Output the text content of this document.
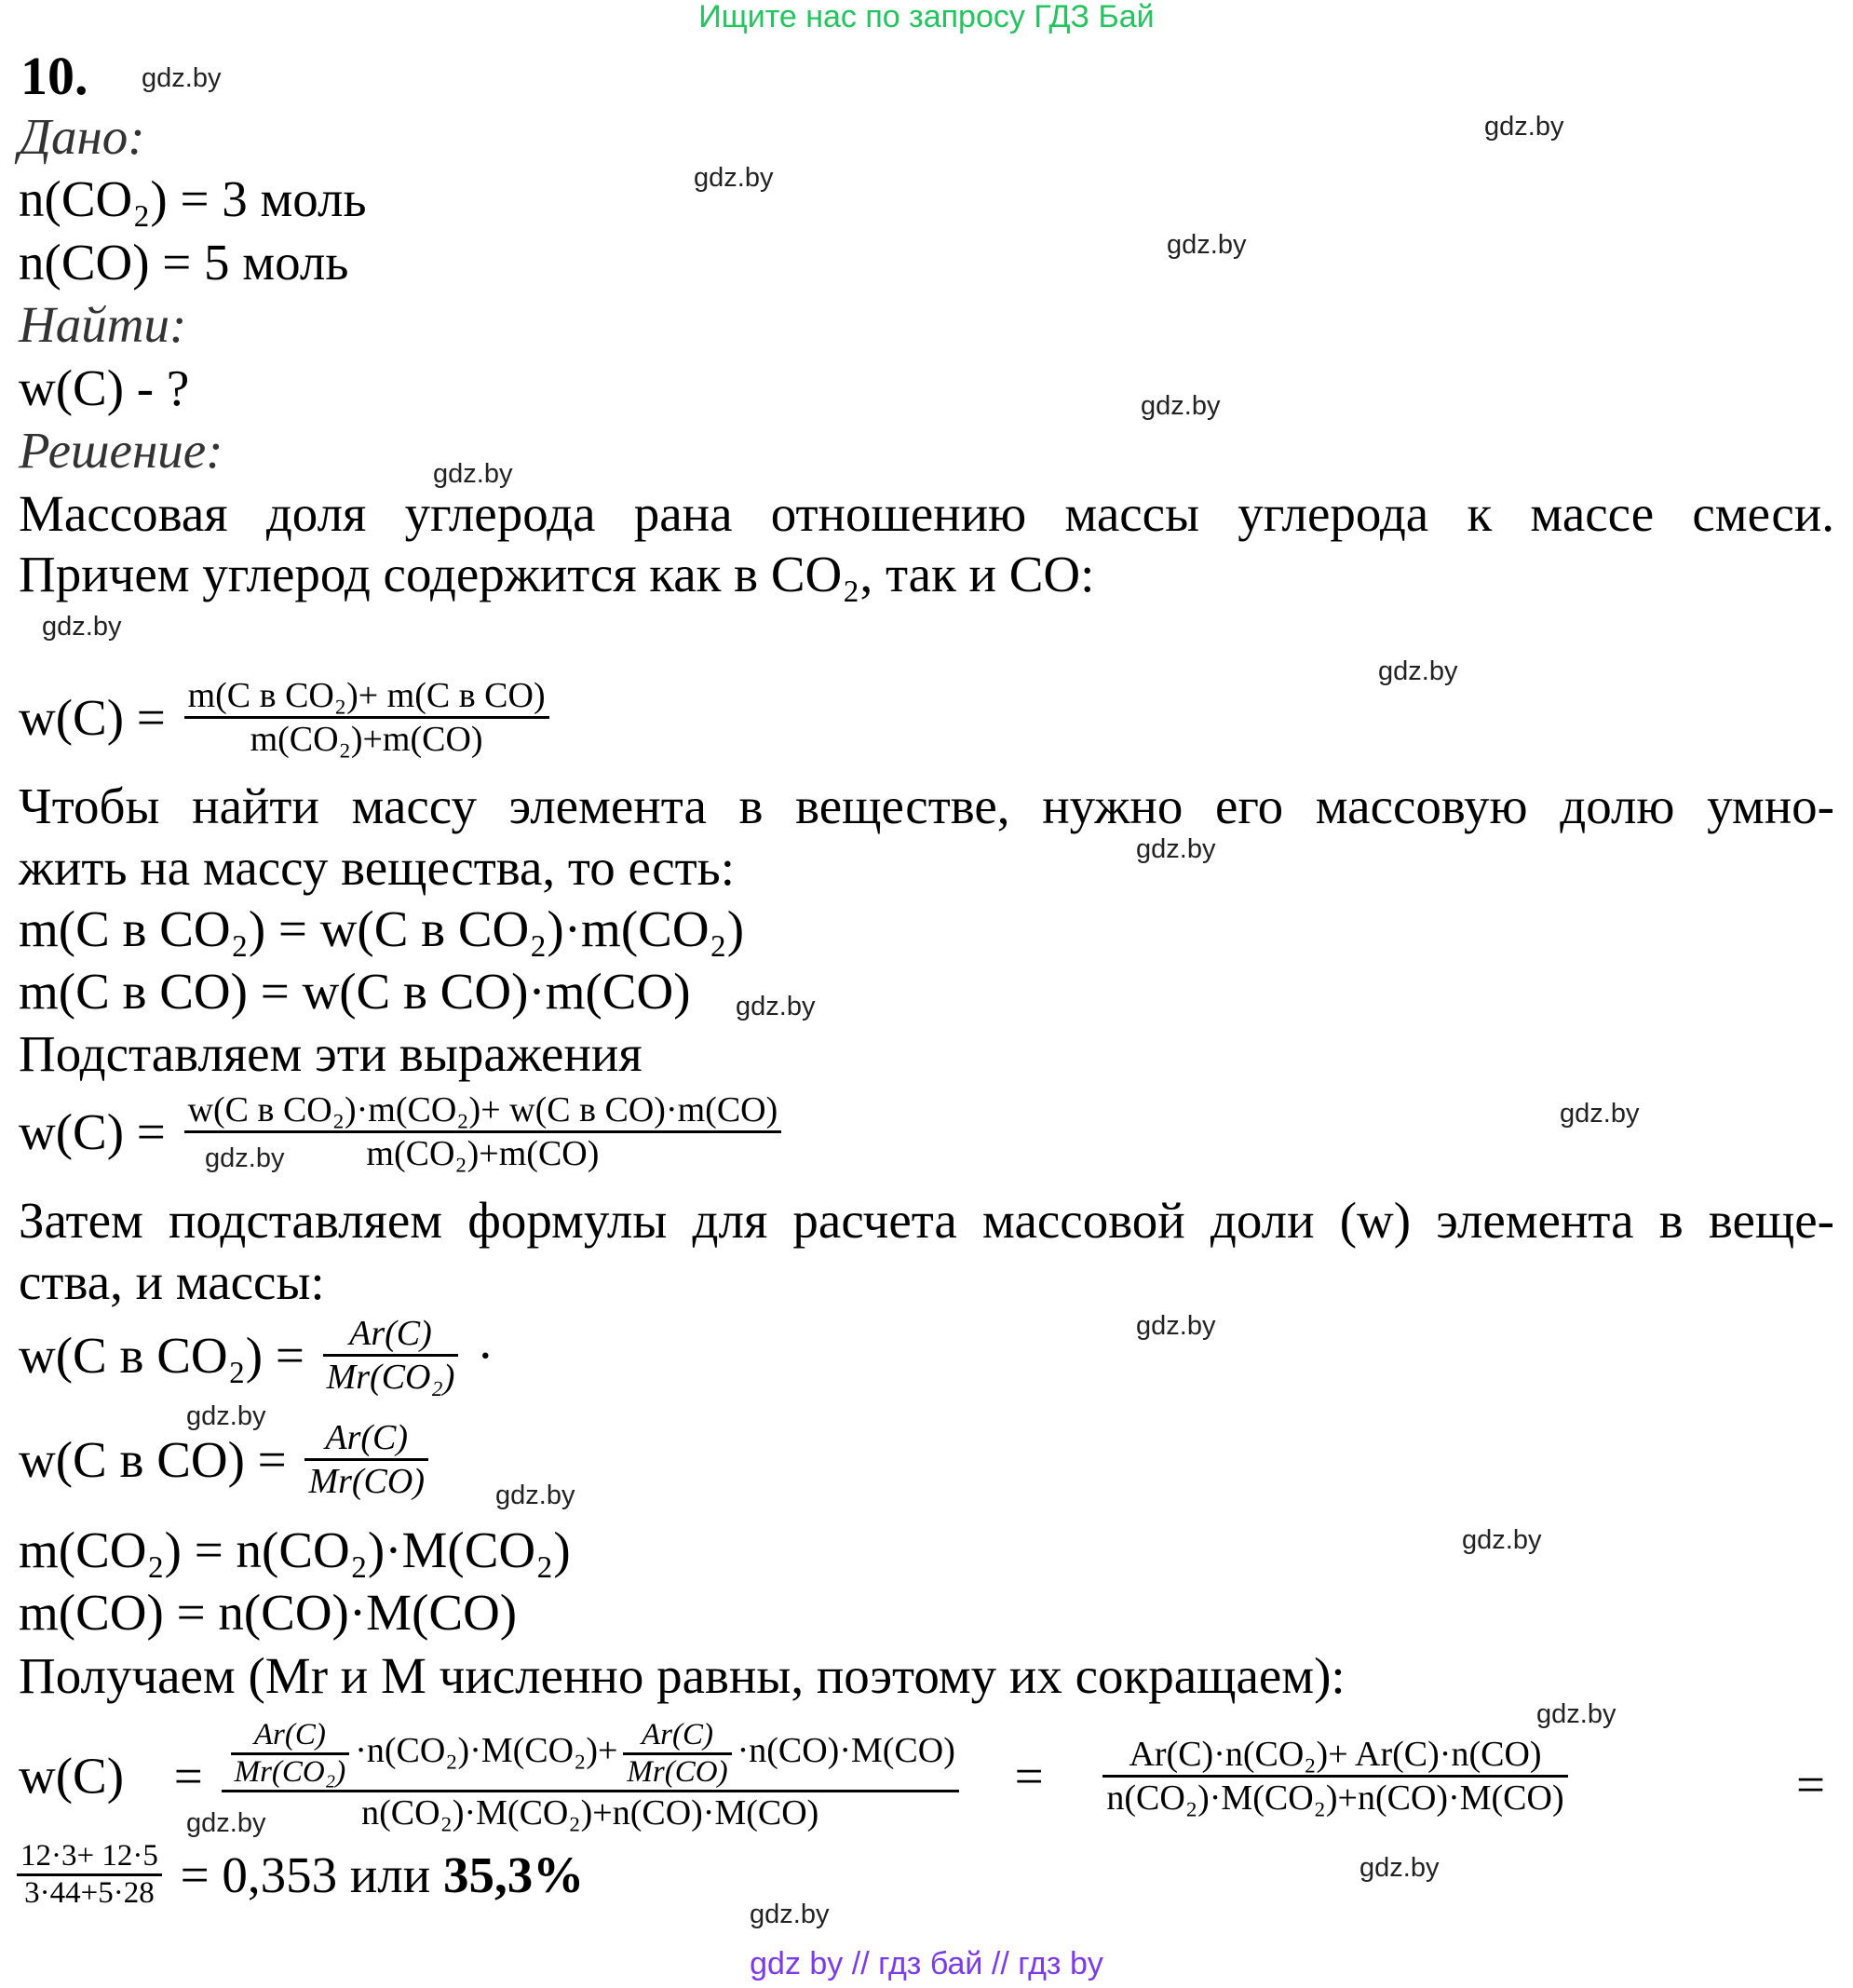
Ищите нас по запросу ГДЗ Бай
10.
Дано:
n(CO₂) = 3 моль
n(CO) = 5 моль
Найти:
w(C) - ?
Решение:
Массовая доля углерода рана отношению массы углерода к массе смеси.
Причем углерод содержится как в CO₂, так и CO:
$w(C) = \frac{\text{m(C в CO₂)+ m(C в CO)}}{\text{m(CO₂)+m(CO)}}$
Чтобы найти массу элемента в веществе, нужно его массовую долю умно-
жить на массу вещества, то есть:
m(C в CO₂) = w(C в CO₂)·m(CO₂)
m(C в CO) = w(C в CO)·m(CO)
Подставляем эти выражения
$w(C) = \frac{\text{w(C в CO₂)·m(CO₂)+ w(C в CO)·m(CO)}}{\text{m(CO₂)+m(CO)}}$
Затем подставляем формулы для расчета массовой доли (w) элемента в веще-
ства, и массы:
w(C в $CO_2) = \frac{Ar(C)}{\text{Mr(CO₂)}}$ ·
w(C в $CO) = \frac{Ar(C)}{Mr(CO)}$
m(CO₂) = n(CO₂)·M(CO₂)
m(CO) = n(CO)·M(CO)
Получаем (Mr и M численно равны, поэтому их сокращаем):
$w(C) = \frac{Ar(C)}{\text{Mr(CO₂)}} \cdot n(CO_2)\cdot M(CO_2)+ \frac{Ar(C)}{Mr(CO)} \cdot n(CO)\cdot M(CO)$
n(CO₂)·M(CO₂)+n(CO)·M(CO)
= $\frac{\text{Ar(C)·n(CO₂)+ Ar(C)·n(CO)}}{\text{n(CO₂)·M(CO₂)+n(CO)·M(CO)}}$	=
$\frac{12\cdot 3+ 12\cdot 5}{3\cdot 44+5\cdot 28} = 0,353$ или 35,3%
gdz.by
gdz.by
gdz.by
gdz.by
gdz.by
gdz.by
gdz.by
gdz.by
gdz.by
gdz.by
gdz.by
gdz.by
gdz.by
gdz.by
gdz.by
gdz.by
gdz.by
gdz.by
gdz.by
gdz.by
gdz by // гдз бай // гдз by
